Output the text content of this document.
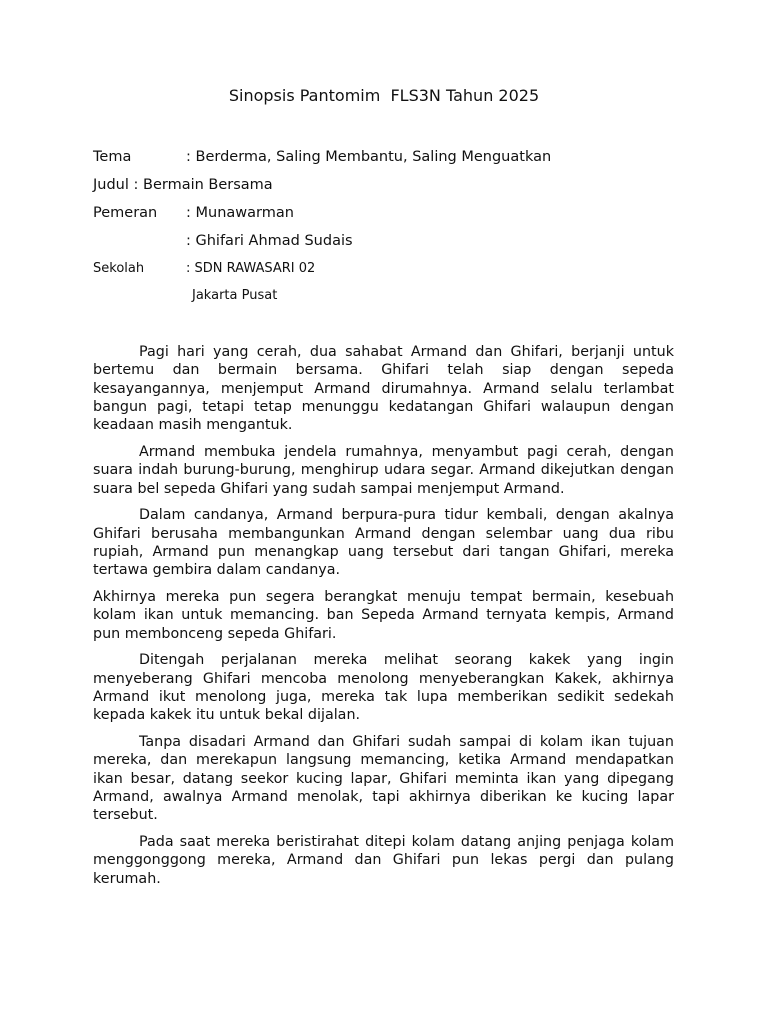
Sinopsis Pantomim  FLS3N Tahun 2025
Tema	: Berderma, Saling Membantu, Saling Menguatkan
Judul : Bermain Bersama
Pemeran : Munawarman
: Ghifari Ahmad Sudais
Sekolah	: SDN RAWASARI 02
Jakarta Pusat

Pagi hari yang cerah, dua sahabat Armand dan Ghifari, berjanji untuk bertemu dan bermain bersama. Ghifari telah siap dengan sepeda kesayangannya, menjemput Armand dirumahnya. Armand selalu terlambat bangun pagi, tetapi tetap menunggu kedatangan Ghifari walaupun dengan keadaan masih mengantuk.

Armand membuka jendela rumahnya, menyambut pagi cerah, dengan suara indah burung-burung, menghirup udara segar. Armand dikejutkan dengan suara bel sepeda Ghifari yang sudah sampai menjemput Armand.

Dalam candanya, Armand berpura-pura tidur kembali, dengan akalnya Ghifari berusaha membangunkan Armand dengan selembar uang dua ribu rupiah, Armand pun menangkap uang tersebut dari tangan Ghifari, mereka tertawa gembira dalam candanya.

Akhirnya mereka pun segera berangkat menuju tempat bermain, kesebuah kolam ikan untuk memancing. ban Sepeda Armand ternyata kempis, Armand pun membonceng sepeda Ghifari.

Ditengah perjalanan mereka melihat seorang kakek yang ingin menyeberang Ghifari mencoba menolong menyeberangkan Kakek, akhirnya Armand ikut menolong juga, mereka tak lupa memberikan sedikit sedekah kepada kakek itu untuk bekal dijalan.

Tanpa disadari Armand dan Ghifari sudah sampai di kolam ikan tujuan mereka, dan merekapun langsung memancing, ketika Armand mendapatkan ikan besar, datang seekor kucing lapar, Ghifari meminta ikan yang dipegang Armand, awalnya Armand menolak, tapi akhirnya diberikan ke kucing lapar tersebut.

Pada saat mereka beristirahat ditepi kolam datang anjing penjaga kolam menggonggong mereka, Armand dan Ghifari pun lekas pergi dan pulang kerumah.
